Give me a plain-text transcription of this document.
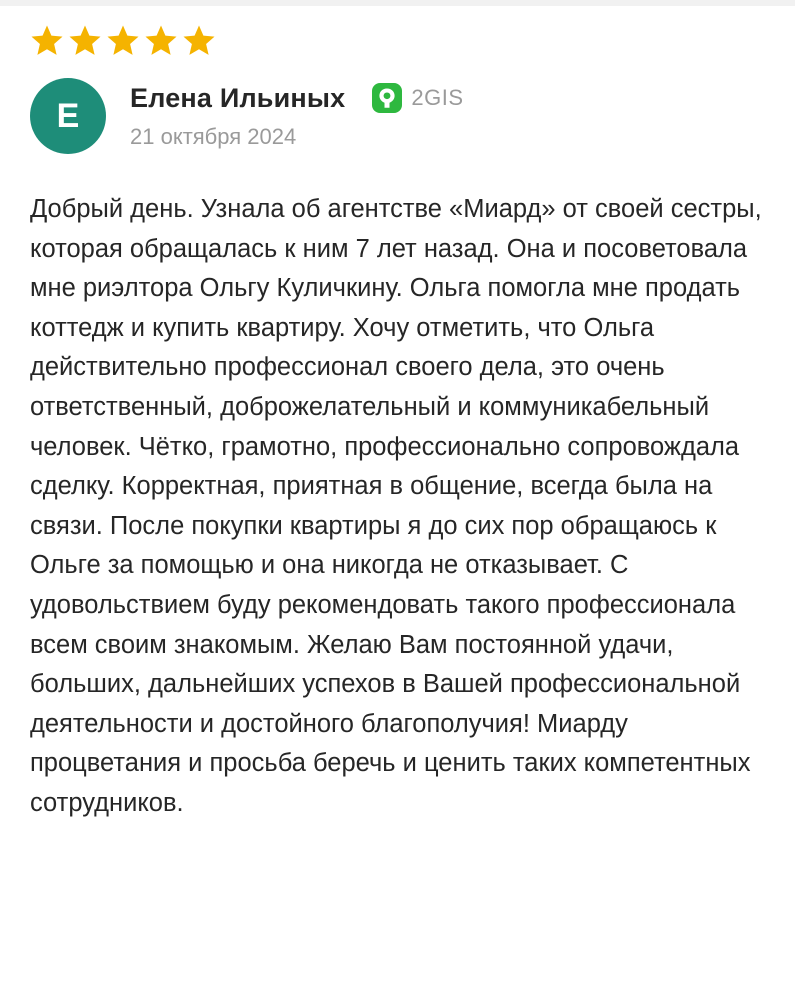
Е Елена Ильиных	2GIS
21 октября 2024
Добрый день. Узнала об агентстве «Миард» от своей сестры, которая обращалась к ним 7 лет назад. Она и посоветовала мне риэлтора Ольгу Куличкину. Ольга помогла мне продать коттедж и купить квартиру. Хочу отметить, что Ольга действительно профессионал своего дела, это очень ответственный, доброжелательный и коммуникабельный человек. Чётко, грамотно, профессионально сопровождала сделку. Корректная, приятная в общение, всегда была на связи. После покупки квартиры я до сих пор обращаюсь к Ольге за помощью и она никогда не отказывает. С удовольствием буду рекомендовать такого профессионала всем своим знакомым. Желаю Вам постоянной удачи, больших, дальнейших успехов в Вашей профессиональной деятельности и достойного благополучия! Миарду процветания и просьба беречь и ценить таких компетентных сотрудников.
